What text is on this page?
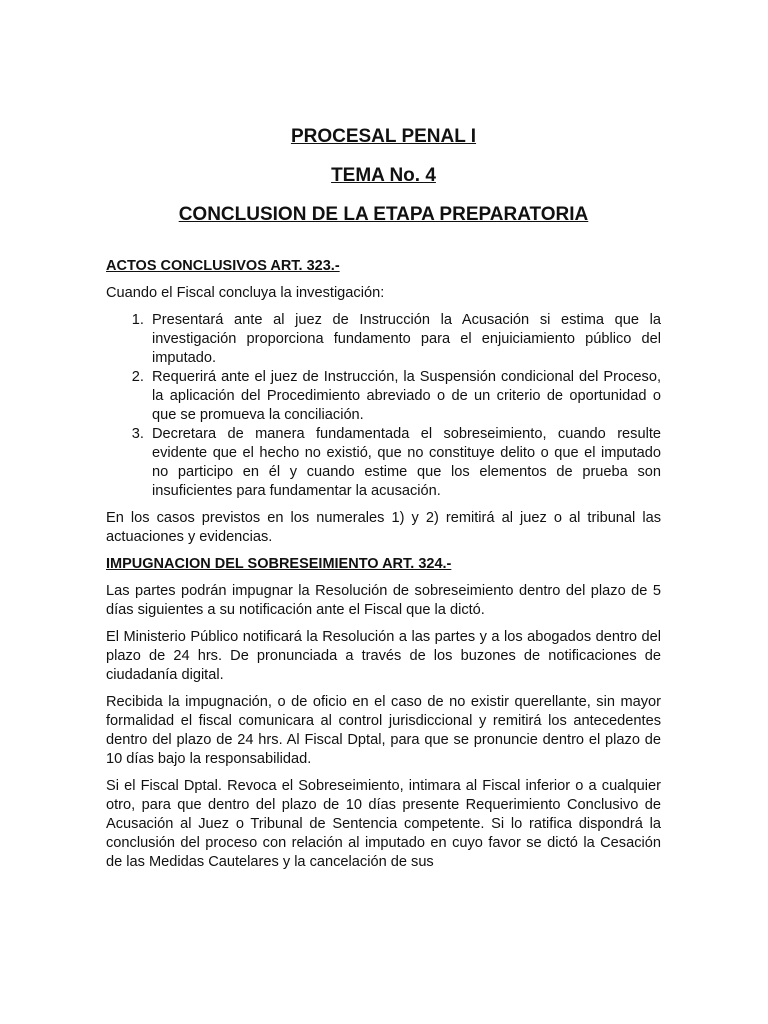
PROCESAL PENAL I
TEMA No. 4
CONCLUSION DE LA ETAPA PREPARATORIA
ACTOS CONCLUSIVOS ART. 323.-

Cuando el Fiscal concluya la investigación:

1. Presentará ante al juez de Instrucción la Acusación si estima que la investigación proporciona fundamento para el enjuiciamiento público del imputado.
2. Requerirá ante el juez de Instrucción, la Suspensión condicional del Proceso, la aplicación del Procedimiento abreviado o de un criterio de oportunidad o que se promueva la conciliación.
3. Decretara de manera fundamentada el sobreseimiento, cuando resulte evidente que el hecho no existió, que no constituye delito o que el imputado no participo en él y cuando estime que los elementos de prueba son insuficientes para fundamentar la acusación.

En los casos previstos en los numerales 1) y 2) remitirá al juez o al tribunal las actuaciones y evidencias.

IMPUGNACION DEL SOBRESEIMIENTO ART. 324.-

Las partes podrán impugnar la Resolución de sobreseimiento dentro del plazo de 5 días siguientes a su notificación ante el Fiscal que la dictó.

El Ministerio Público notificará la Resolución a las partes y a los abogados dentro del plazo de 24 hrs. De pronunciada a través de los buzones de notificaciones de ciudadanía digital.

Recibida la impugnación, o de oficio en el caso de no existir querellante, sin mayor formalidad el fiscal comunicara al control jurisdiccional y remitirá los antecedentes dentro del plazo de 24 hrs. Al Fiscal Dptal, para que se pronuncie dentro el plazo de 10 días bajo la responsabilidad.

Si el Fiscal Dptal. Revoca el Sobreseimiento, intimara al Fiscal inferior o a cualquier otro, para que dentro del plazo de 10 días presente Requerimiento Conclusivo de Acusación al Juez o Tribunal de Sentencia competente. Si lo ratifica dispondrá la conclusión del proceso con relación al imputado en cuyo favor se dictó la Cesación de las Medidas Cautelares y la cancelación de sus
